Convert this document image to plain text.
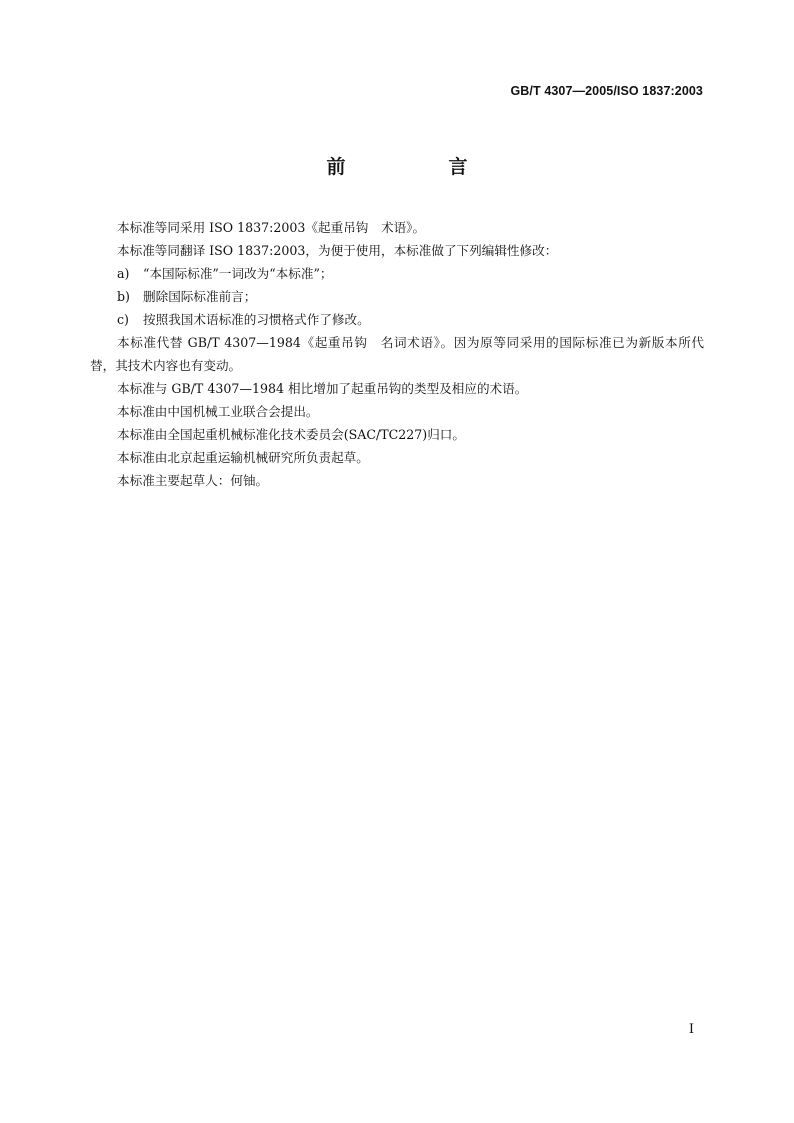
GB/T 4307—2005/ISO 1837:2003
前　言

本标准等同采用 ISO 1837:2003《起重吊钩　术语》。

本标准等同翻译 ISO 1837:2003，为便于使用，本标准做了下列编辑性修改：

a) “本国际标准”一词改为“本标准”；

b) 删除国际标准前言；

c) 按照我国术语标准的习惯格式作了修改。

本标准代替 GB/T 4307—1984《起重吊钩　名词术语》。因为原等同采用的国际标准已为新版本所代替，其技术内容也有变动。

本标准与 GB/T 4307—1984 相比增加了起重吊钩的类型及相应的术语。

本标准由中国机械工业联合会提出。

本标准由全国起重机械标准化技术委员会(SAC/TC227)归口。

本标准由北京起重运输机械研究所负责起草。

本标准主要起草人：何铀。

I
